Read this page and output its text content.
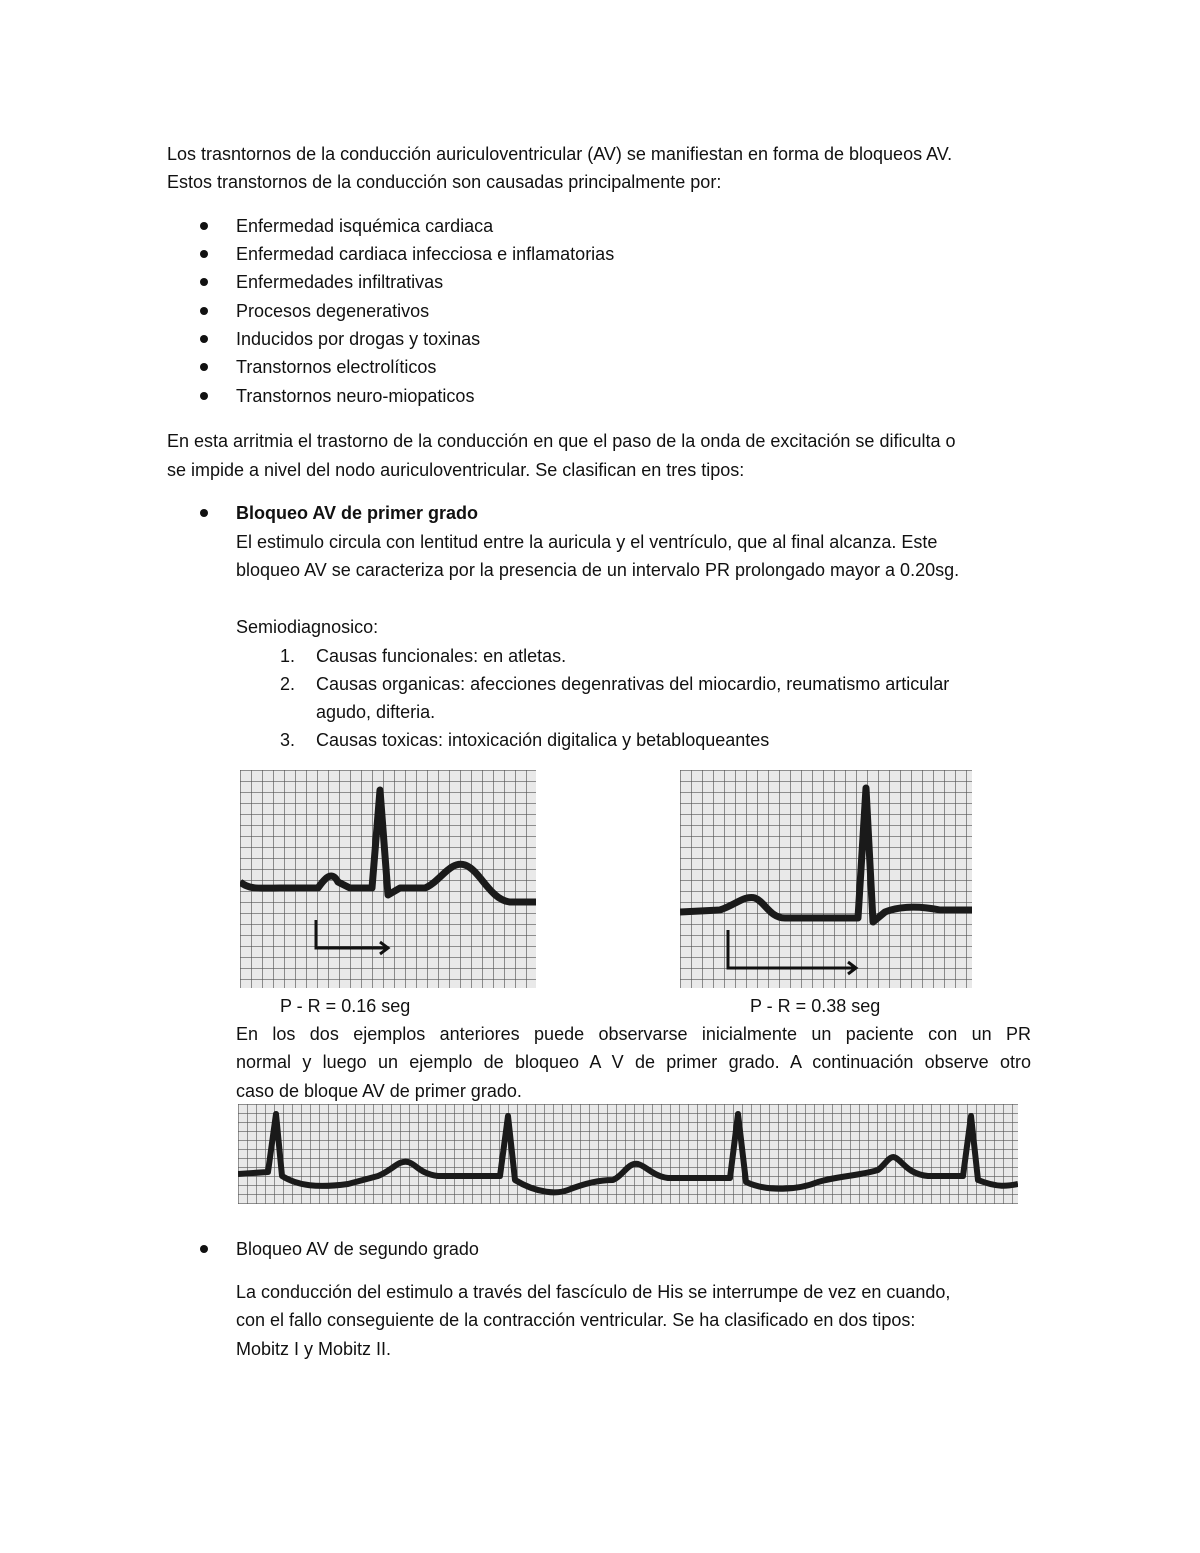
Los trasntornos de la conducción auriculoventricular (AV) se manifiestan en forma de bloqueos AV.
Estos transtornos de la conducción son causadas principalmente por:
Enfermedad isquémica cardiaca
Enfermedad cardiaca infecciosa e inflamatorias
Enfermedades infiltrativas
Procesos degenerativos
Inducidos por drogas y toxinas
Transtornos electrolíticos
Transtornos neuro-miopaticos
En esta arritmia el trastorno de la conducción en que el paso de la onda de excitación se dificulta o
se impide a nivel del nodo auriculoventricular. Se clasifican en tres tipos:
Bloqueo AV de primer grado
El estimulo circula con lentitud entre la auricula y el ventrículo, que al final alcanza. Este
bloqueo AV se caracteriza por la presencia de un intervalo PR prolongado mayor a 0.20sg.
Semiodiagnosico:
1.	Causas funcionales: en atletas.
2.	Causas organicas: afecciones degenrativas del miocardio, reumatismo articular
agudo, difteria.
3.	Causas toxicas: intoxicación digitalica y betabloqueantes
P - R = 0.16 seg	P - R = 0.38 seg
En los dos ejemplos anteriores puede observarse inicialmente un paciente con un PR
normal y luego un ejemplo de bloqueo A V de primer grado. A continuación observe otro
caso de bloque AV de primer grado.
Bloqueo AV de segundo grado
La conducción del estimulo a través del fascículo de His se interrumpe de vez en cuando,
con el fallo conseguiente de la contracción ventricular. Se ha clasificado en dos tipos:
Mobitz I y Mobitz II.
